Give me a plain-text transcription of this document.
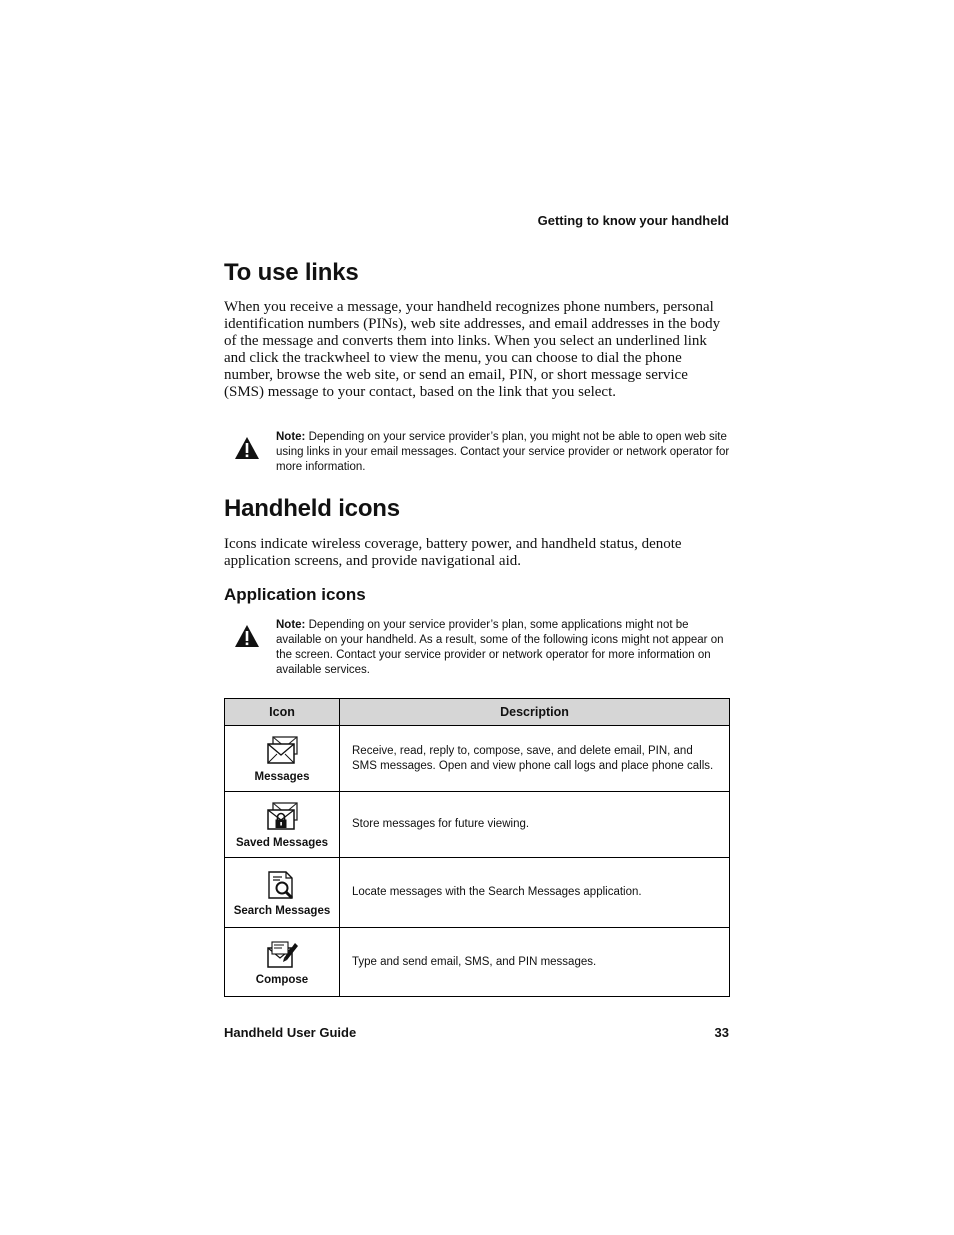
Getting to know your handheld
To use links
When you receive a message, your handheld recognizes phone numbers, personal identification numbers (PINs), web site addresses, and email addresses in the body of the message and converts them into links. When you select an underlined link and click the trackwheel to view the menu, you can choose to dial the phone number, browse the web site, or send an email, PIN, or short message service (SMS) message to your contact, based on the link that you select.
Note: Depending on your service provider’s plan, you might not be able to open web site using links in your email messages. Contact your service provider or network operator for more information.
Handheld icons
Icons indicate wireless coverage, battery power, and handheld status, denote application screens, and provide navigational aid.
Application icons
Note: Depending on your service provider’s plan, some applications might not be available on your handheld. As a result, some of the following icons might not appear on the screen. Contact your service provider or network operator for more information on available services.
Icon	Description

Messages	Receive, read, reply to, compose, save, and delete email, PIN, and SMS messages. Open and view phone call logs and place phone calls.

Saved Messages	Store messages for future viewing.

Search Messages	Locate messages with the Search Messages application.

Compose	Type and send email, SMS, and PIN messages.
Handheld User Guide	33
